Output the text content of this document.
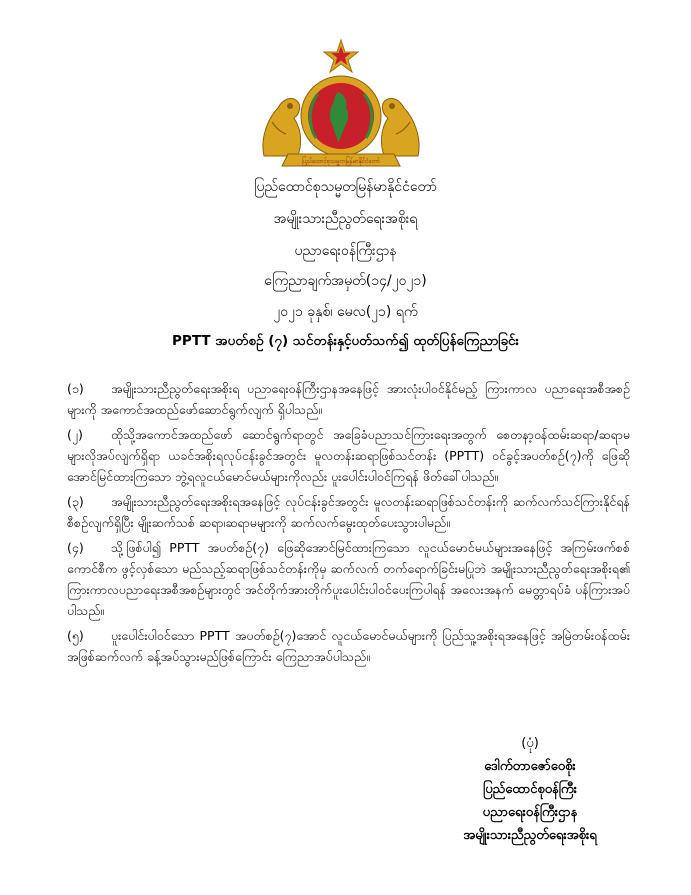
ပြည်ထောင်စုသမ္မတမြန်မာနိုင်ငံတော်
ပြည်ထောင်စုသမ္မတမြန်မာနိုင်ငံတော်
အမျိုးသားညီညွတ်ရေးအစိုးရ
ပညာရေးဝန်ကြီးဌာန
ကြေညာချက်အမှတ်(၁၄/၂၀၂၁)
၂၀၂၁ ခုနှစ်၊ မေလ(၂၁) ရက်
PPTT အပတ်စဉ် (၇) သင်တန်းနှင့်ပတ်သက်၍ ထုတ်ပြန်ကြေညာခြင်း

(၁) အမျိုးသားညီညွတ်ရေးအစိုးရ ပညာရေးဝန်ကြီးဌာနအနေဖြင့် အားလုံးပါဝင်နိုင်မည့် ကြားကာလ ပညာရေးအစီအစဉ်များကို အကောင်အထည်ဖော်ဆောင်ရွက်လျက် ရှိပါသည်။

(၂) ထိုသို့အကောင်အထည်ဖော် ဆောင်ရွက်ရာတွင် အခြေခံပညာသင်ကြားရေးအတွက် စေတနာ့ဝန်ထမ်းဆရာ/ဆရာမများလိုအပ်လျက်ရှိရာ ယခင်အစိုးရလုပ်ငန်းခွင်အတွင်း မူလတန်းဆရာဖြစ်သင်တန်း (PPTT) ဝင်ခွင့်အပတ်စဉ်(၇)ကို ဖြေဆိုအောင်မြင်ထားကြသော ဘွဲ့ရလူငယ်မောင်မယ်များကိုလည်း ပူးပေါင်းပါဝင်ကြရန် ဖိတ်ခေါ်ပါသည်။

(၃) အမျိုးသားညီညွတ်ရေးအစိုးရအနေဖြင့် လုပ်ငန်းခွင်အတွင်း မူလတန်းဆရာဖြစ်သင်တန်းကို ဆက်လက်သင်ကြားနိုင်ရန် စီစဉ်လျက်ရှိပြီး မျိုးဆက်သစ် ဆရာ၊ဆရာမများကို ဆက်လက်မွေးထုတ်ပေးသွားပါမည်။

(၄) သို့ဖြစ်ပါ၍ PPTT အပတ်စဉ်(၇) ဖြေဆိုအောင်မြင်ထားကြသော လူငယ်မောင်မယ်များအနေဖြင့် အကြမ်းဖက်စစ်ကောင်စီက ဖွင့်လှစ်သော မည်သည့်ဆရာဖြစ်သင်တန်းကိုမှ ဆက်လက် တက်ရောက်ခြင်းမပြုဘဲ အမျိုးသားညီညွတ်ရေးအစိုးရ၏ ကြားကာလပညာရေးအစီအစဉ်များတွင် အင်တိုက်အားတိုက်ပူးပေါင်းပါဝင်ပေးကြပါရန် အလေးအနက် မေတ္တာရပ်ခံ ပန်ကြားအပ်ပါသည်။

(၅) ပူးပေါင်းပါဝင်သော PPTT အပတ်စဉ်(၇)အောင် လူငယ်မောင်မယ်များကို ပြည်သူ့အစိုးရအနေဖြင့် အမြဲတမ်းဝန်ထမ်းအဖြစ်ဆက်လက် ခန့်အပ်သွားမည်ဖြစ်ကြောင်း ကြေညာအပ်ပါသည်။

(ပုံ)
ဒေါက်တာဇော်ဝေစိုး
ပြည်ထောင်စုဝန်ကြီး
ပညာရေးဝန်ကြီးဌာန
အမျိုးသားညီညွတ်ရေးအစိုးရ
